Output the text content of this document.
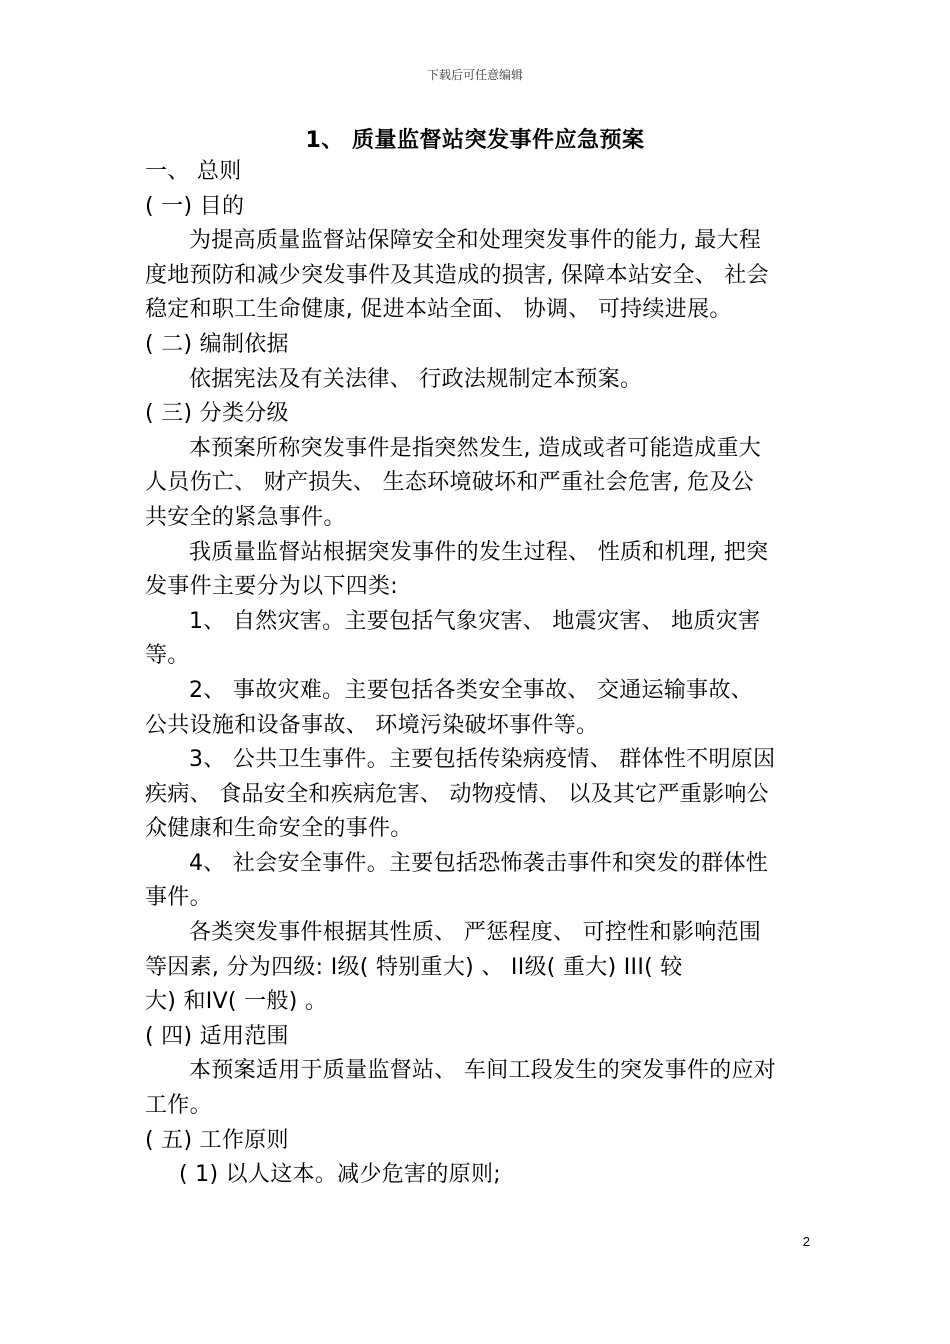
下载后可任意编辑
1、 质量监督站突发事件应急预案

一、 总则

( 一) 目的

为提高质量监督站保障安全和处理突发事件的能力, 最大程

度地预防和减少突发事件及其造成的损害, 保障本站安全、 社会

稳定和职工生命健康, 促进本站全面、 协调、 可持续进展。

( 二) 编制依据

依据宪法及有关法律、 行政法规制定本预案。

( 三) 分类分级

本预案所称突发事件是指突然发生, 造成或者可能造成重大

人员伤亡、 财产损失、 生态环境破坏和严重社会危害, 危及公

共安全的紧急事件。

我质量监督站根据突发事件的发生过程、 性质和机理, 把突

发事件主要分为以下四类:

1、 自然灾害。主要包括气象灾害、 地震灾害、 地质灾害

等。

2、 事故灾难。主要包括各类安全事故、 交通运输事故、

公共设施和设备事故、 环境污染破坏事件等。

3、 公共卫生事件。主要包括传染病疫情、 群体性不明原因

疾病、 食品安全和疾病危害、 动物疫情、 以及其它严重影响公

众健康和生命安全的事件。

4、 社会安全事件。主要包括恐怖袭击事件和突发的群体性

事件。

各类突发事件根据其性质、 严惩程度、 可控性和影响范围

等因素, 分为四级: I级( 特别重大) 、 II级( 重大) III( 较

大) 和IV( 一般) 。

( 四) 适用范围

本预案适用于质量监督站、 车间工段发生的突发事件的应对

工作。

( 五) 工作原则

( 1) 以人这本。减少危害的原则;

2
